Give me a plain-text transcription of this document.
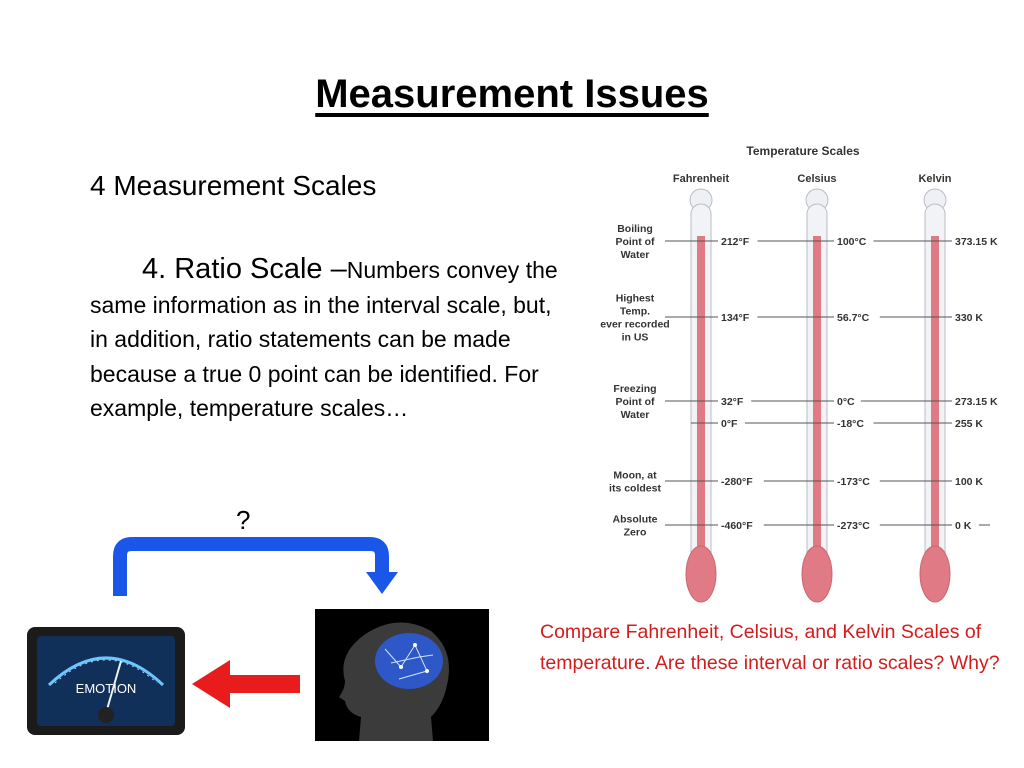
Measurement Issues
4 Measurement Scales
4. Ratio Scale –Numbers convey the same information as in the interval scale, but, in addition, ratio statements can be made because a true 0 point can be identified. For example, temperature scales…
?
Temperature Scales
Fahrenheit	Celsius	Kelvin
Boiling
Point of
Water
212°F	100°C	373.15 K
Highest
Temp.
ever recorded
in US
134°F	56.7°C	330 K
Freezing
Point of
Water
32°F	0°C	273.15 K
0°F	-18°C	255 K
Moon, at
its coldest
-280°F	-173°C	100 K
Absolute
Zero
-460°F	-273°C	0 K
EMOTION
Compare Fahrenheit, Celsius, and Kelvin Scales of temperature. Are these interval or ratio scales? Why?
